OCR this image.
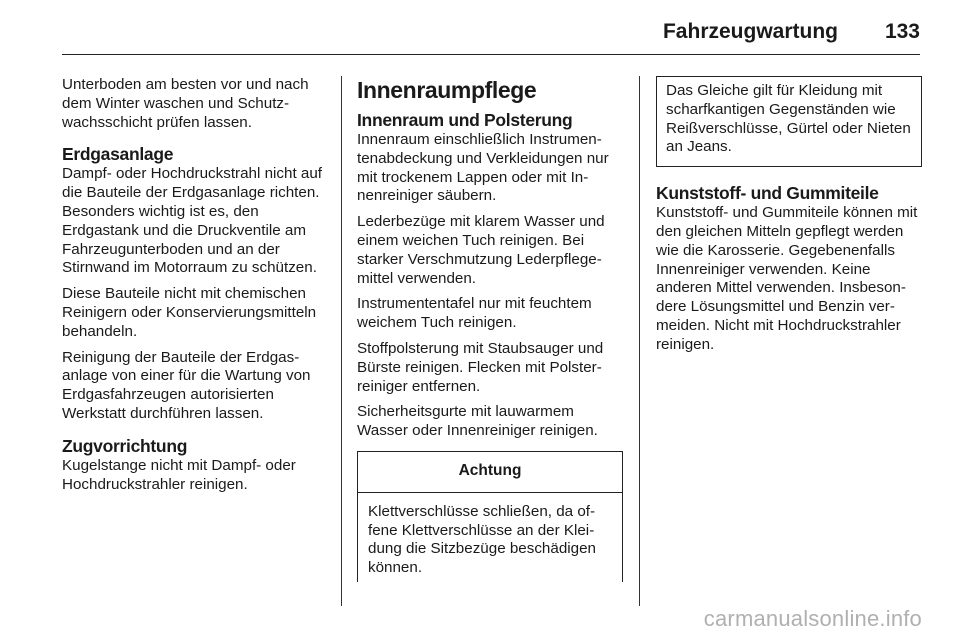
Fahrzeugwartung 133

Unterboden am besten vor und nach dem Winter waschen und Schutzwachsschicht prüfen lassen.

Erdgasanlage

Dampf- oder Hochdruckstrahl nicht auf die Bauteile der Erdgasanlage richten. Besonders wichtig ist es, den Erdgastank und die Druckventile am Fahrzeugunterboden und an der Stirnwand im Motorraum zu schützen.

Diese Bauteile nicht mit chemischen Reinigern oder Konservierungsmitteln behandeln.

Reinigung der Bauteile der Erdgasanlage von einer für die Wartung von Erdgasfahrzeugen autorisierten Werkstatt durchführen lassen.

Zugvorrichtung

Kugelstange nicht mit Dampf- oder Hochdruckstrahler reinigen.

Innenraumpflege
Innenraum und Polsterung

Innenraum einschließlich Instrumentenabdeckung und Verkleidungen nur mit trockenem Lappen oder mit Innenreiniger säubern.

Lederbezüge mit klarem Wasser und einem weichen Tuch reinigen. Bei starker Verschmutzung Lederpflegemittel verwenden.

Instrumententafel nur mit feuchtem weichem Tuch reinigen.

Stoffpolsterung mit Staubsauger und Bürste reinigen. Flecken mit Polsterreiniger entfernen.

Sicherheitsgurte mit lauwarmem Wasser oder Innenreiniger reinigen.

Achtung
Klettverschlüsse schließen, da offene Klettverschlüsse an der Kleidung die Sitzbezüge beschädigen können.
Das Gleiche gilt für Kleidung mit scharfkantigen Gegenständen wie Reißverschlüsse, Gürtel oder Nieten an Jeans.
Kunststoff- und Gummiteile

Kunststoff- und Gummiteile können mit den gleichen Mitteln gepflegt werden wie die Karosserie. Gegebenenfalls Innenreiniger verwenden. Keine anderen Mittel verwenden. Insbesondere Lösungsmittel und Benzin vermeiden. Nicht mit Hochdruckstrahler reinigen.

carmanualsonline.info
